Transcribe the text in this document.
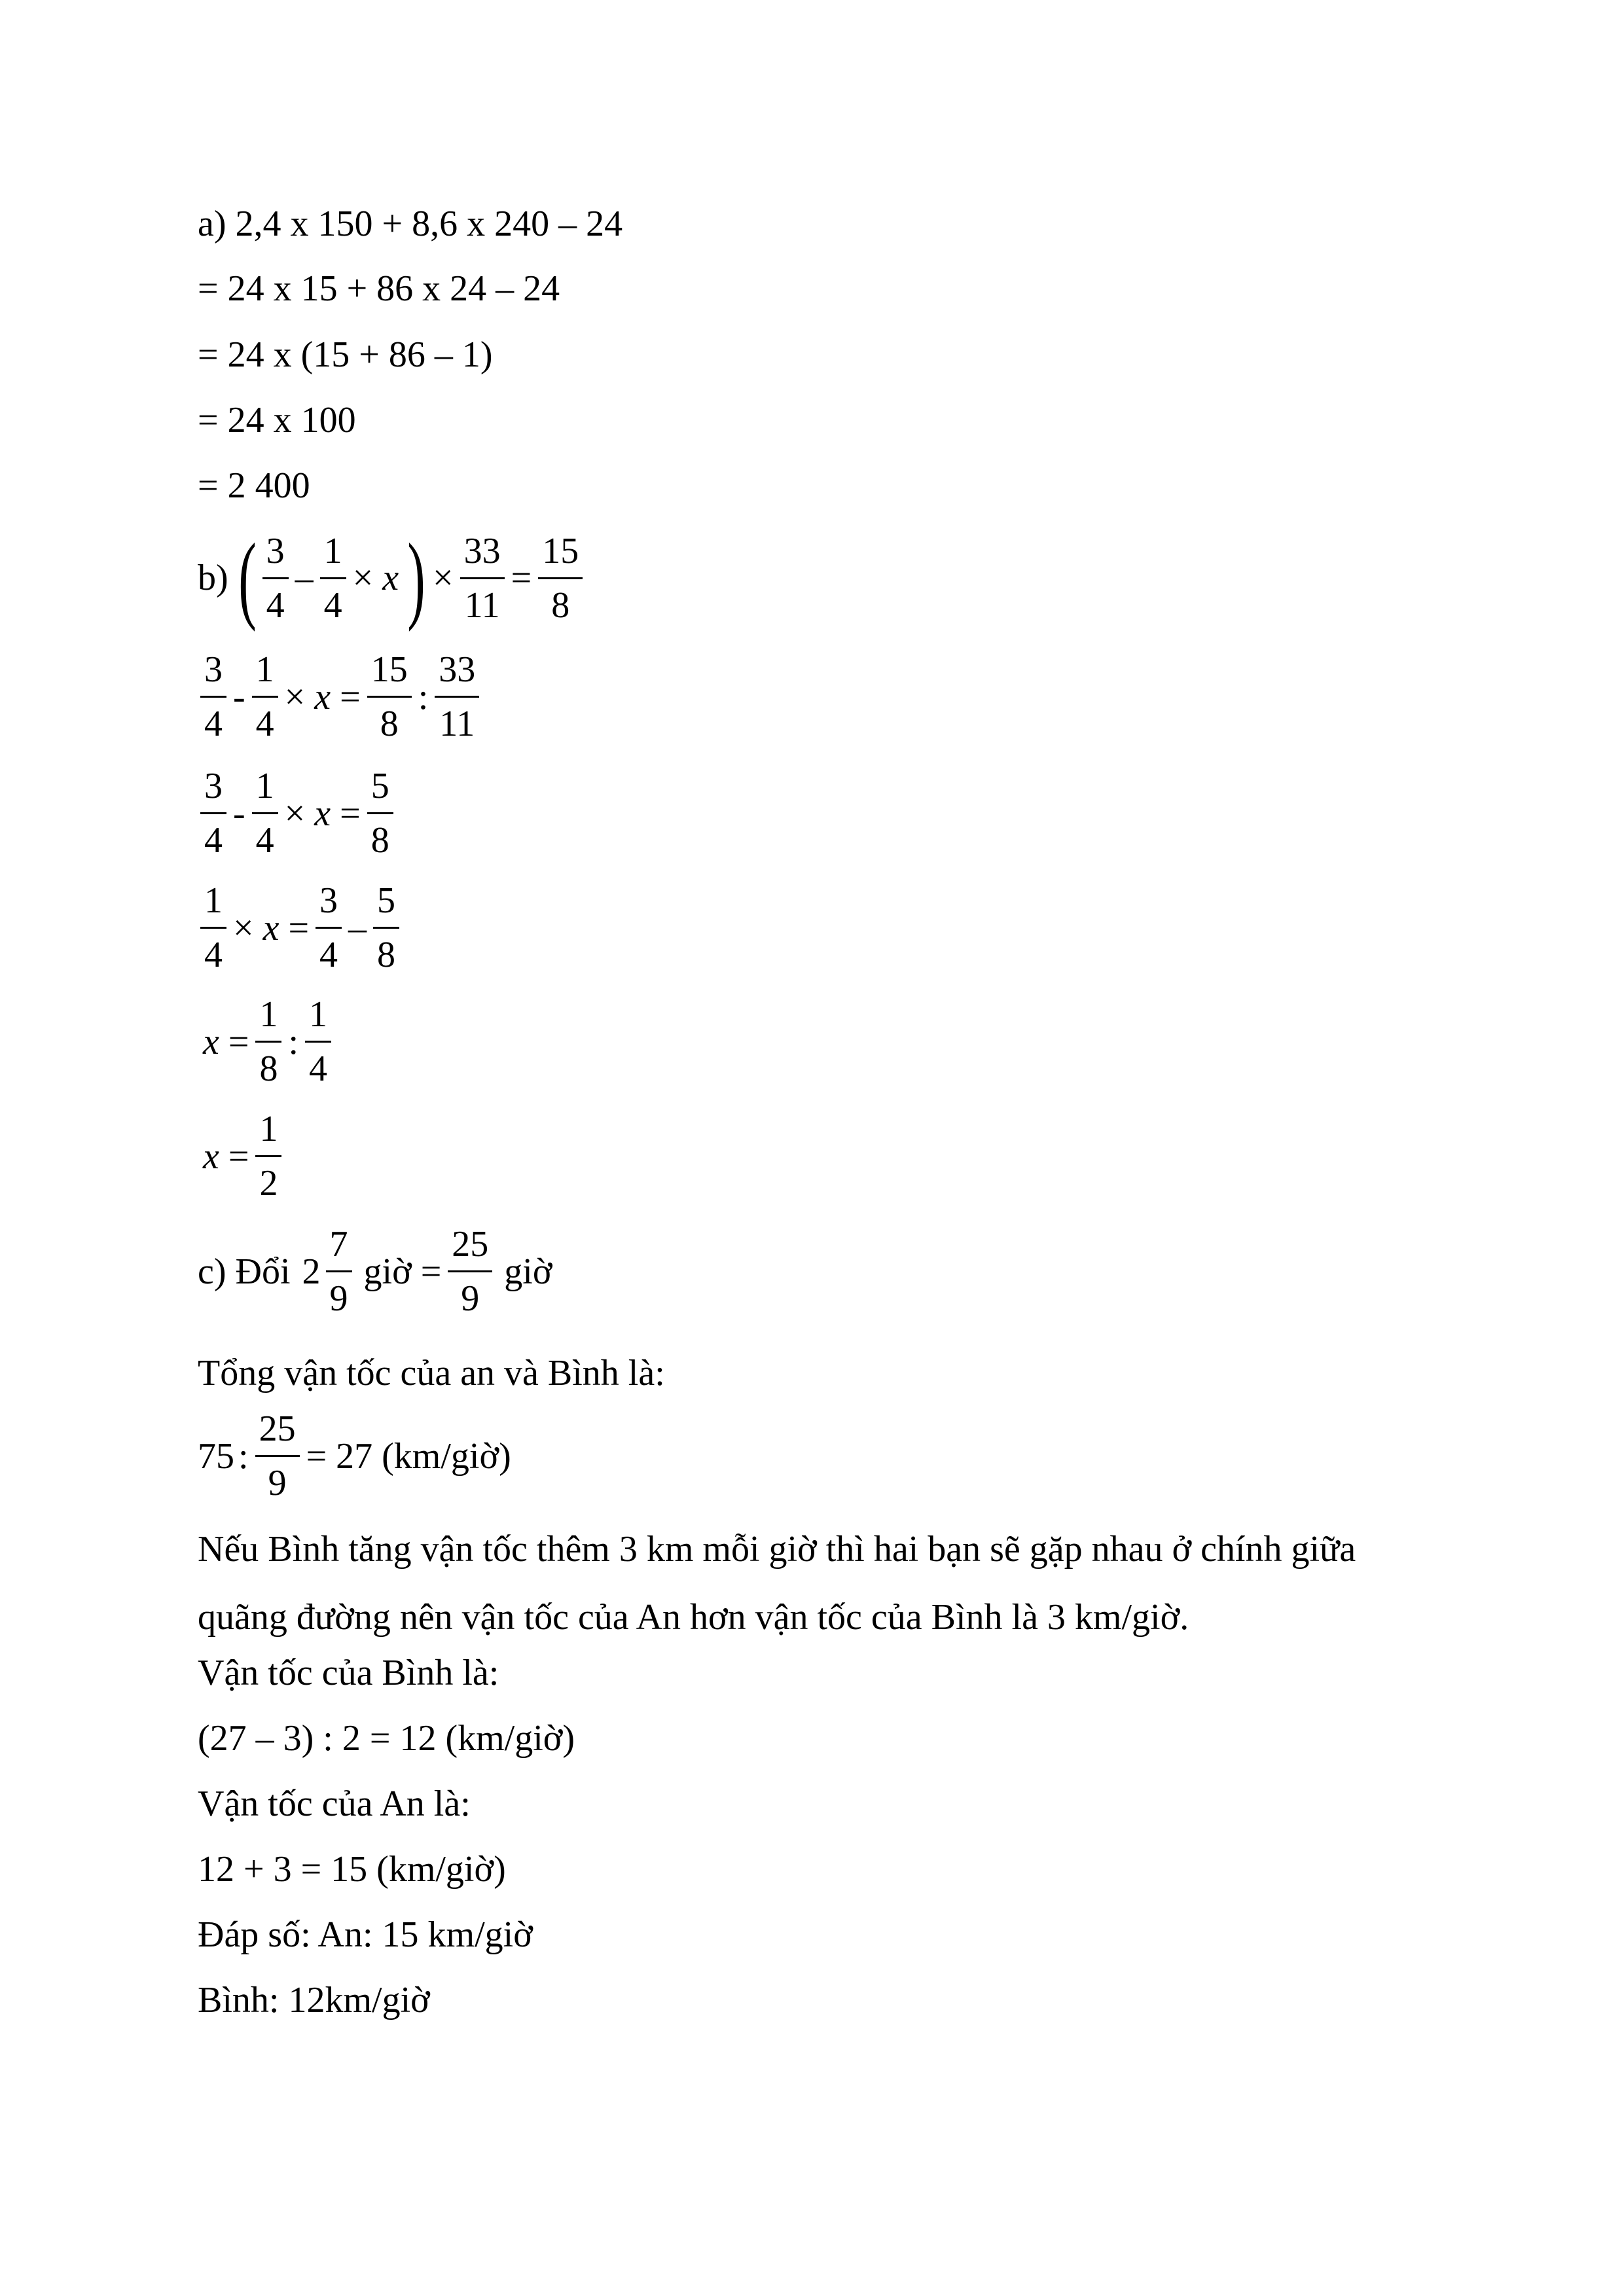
a) 2,4 x 150 + 8,6 x 240 – 24
= 24 x 15 + 86 x 24 – 24
= 24 x (15 + 86 – 1)
= 24 x 100
= 2 400
b) ( $\frac{3}{4} - \frac{1}{4} \times x$ ) × $\frac{33}{11} = \frac{15}{8}$
$\frac{3}{4} - \frac{1}{4} \times x = \frac{15}{8}$ : $\frac{33}{11}$
$\frac{3}{4} - \frac{1}{4} \times x = \frac{5}{8}$
$\frac{1}{4} \times x = \frac{3}{4} - \frac{5}{8}$
$x = \frac{1}{8}$ : $\frac{1}{4}$
$x = \frac{1}{2}$
c) Đổi $2 \frac{7}{9}$ giờ = $\frac{25}{9}$ giờ
Tổng vận tốc của an và Bình là:
75 : $\frac{25}{9} = 27$ (km/giờ)
Nếu Bình tăng vận tốc thêm 3 km mỗi giờ thì hai bạn sẽ gặp nhau ở chính giữa quãng đường nên vận tốc của An hơn vận tốc của Bình là 3 km/giờ.
Vận tốc của Bình là:
(27 – 3) : 2 = 12 (km/giờ)
Vận tốc của An là:
12 + 3 = 15 (km/giờ)
Đáp số: An: 15 km/giờ
Bình: 12km/giờ
